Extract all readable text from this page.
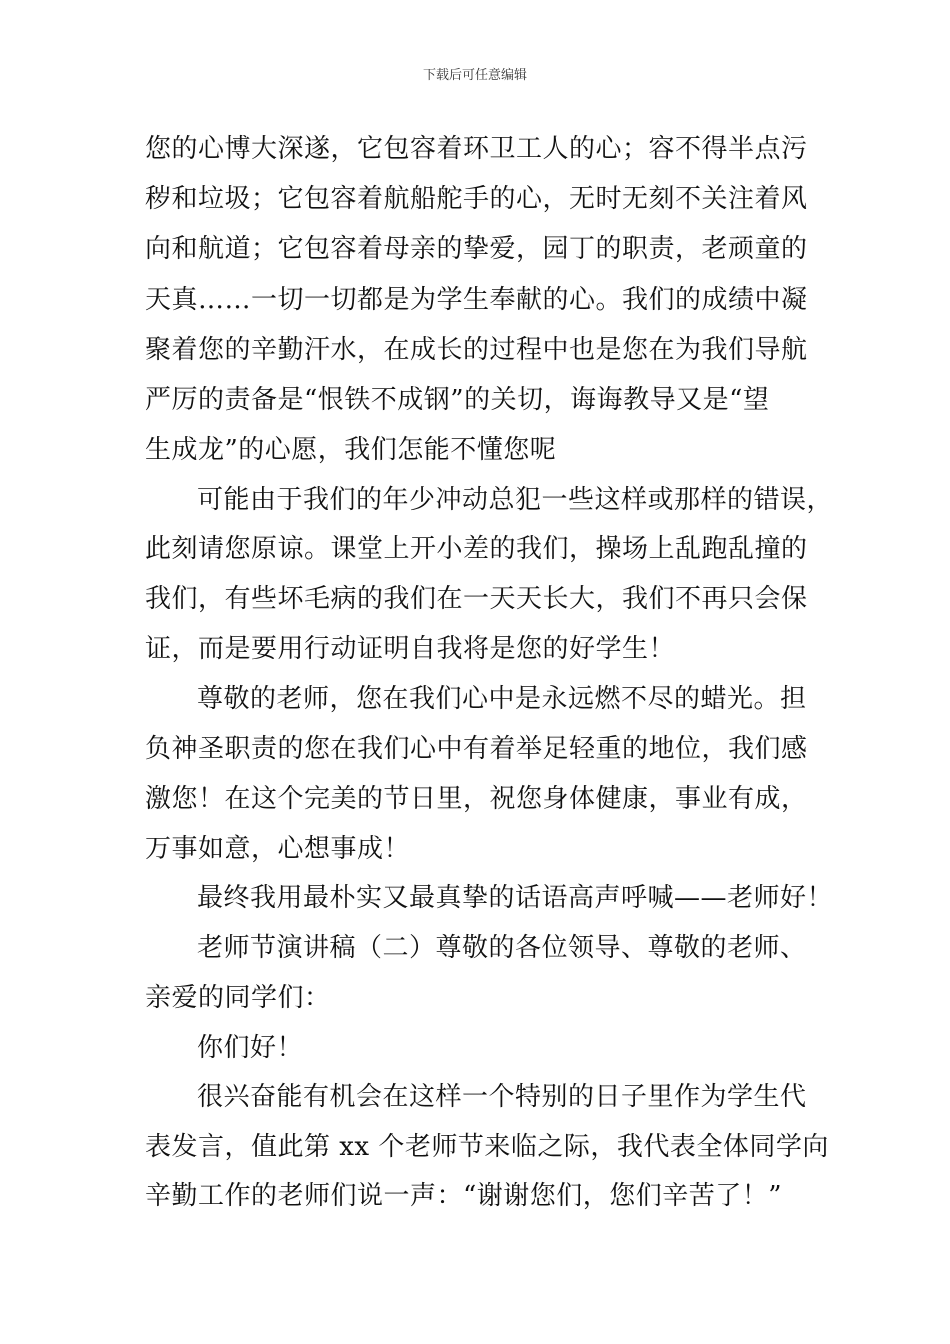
下载后可任意编辑
您的心博大深遂，它包容着环卫工人的心；容不得半点污
秽和垃圾；它包容着航船舵手的心，无时无刻不关注着风
向和航道；它包容着母亲的挚爱，园丁的职责，老顽童的
天真……一切一切都是为学生奉献的心。我们的成绩中凝
聚着您的辛勤汗水，在成长的过程中也是您在为我们导航
严厉的责备是“恨铁不成钢”的关切，诲诲教导又是“望
生成龙”的心愿，我们怎能不懂您呢
可能由于我们的年少冲动总犯一些这样或那样的错误，
此刻请您原谅。课堂上开小差的我们，操场上乱跑乱撞的
我们，有些坏毛病的我们在一天天长大，我们不再只会保
证，而是要用行动证明自我将是您的好学生！
尊敬的老师，您在我们心中是永远燃不尽的蜡光。担
负神圣职责的您在我们心中有着举足轻重的地位，我们感
激您！在这个完美的节日里，祝您身体健康，事业有成，
万事如意，心想事成！
最终我用最朴实又最真挚的话语高声呼喊——老师好！
老师节演讲稿（二）尊敬的各位领导、尊敬的老师、
亲爱的同学们：
你们好！
很兴奋能有机会在这样一个特别的日子里作为学生代
表发言，值此第 xx 个老师节来临之际，我代表全体同学向
辛勤工作的老师们说一声：“谢谢您们，您们辛苦了！”
